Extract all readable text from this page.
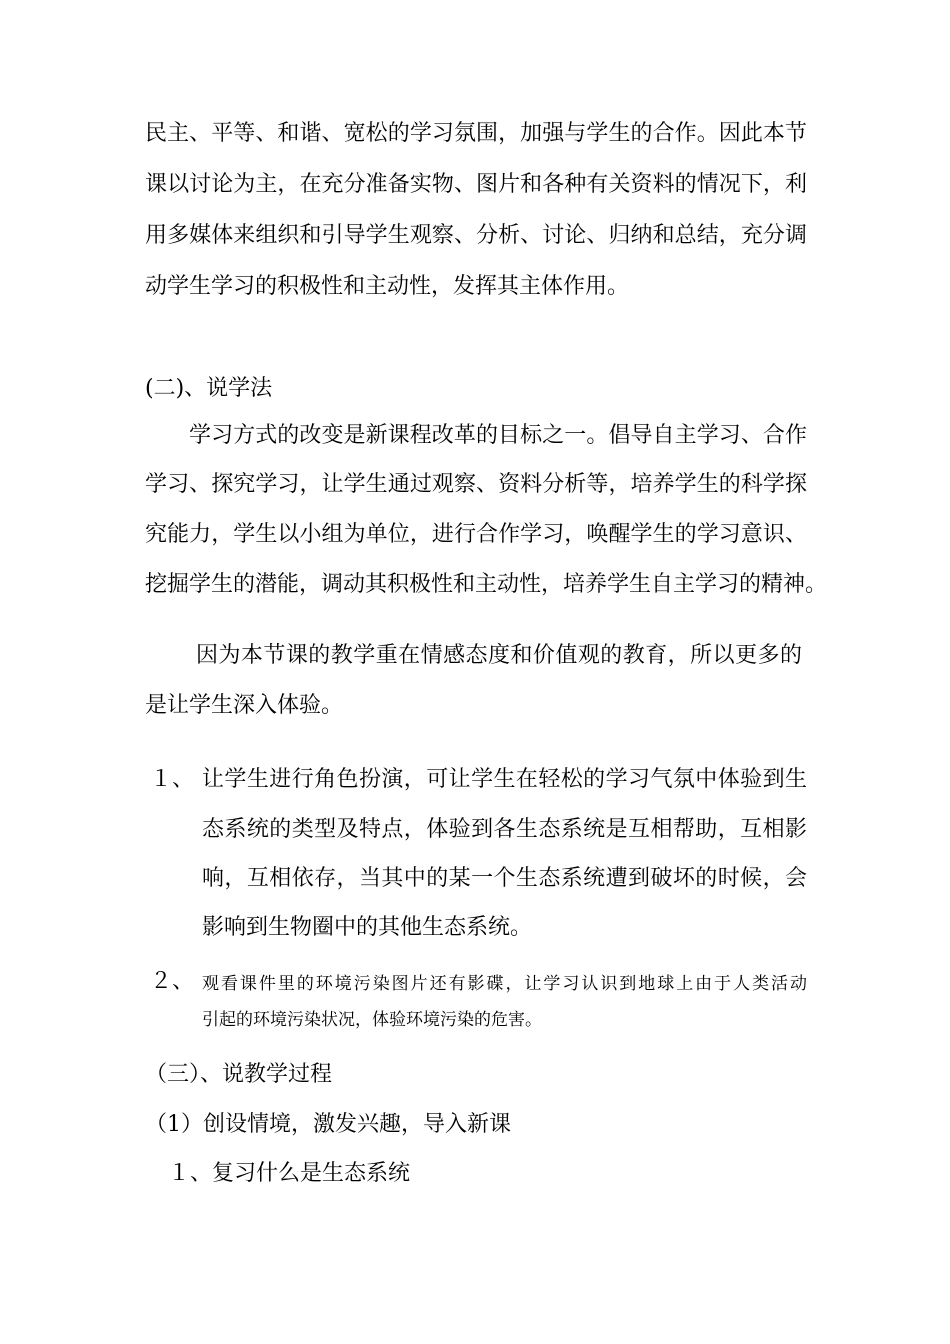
民主、平等、和谐、宽松的学习氛围，加强与学生的合作。因此本节
课以讨论为主，在充分准备实物、图片和各种有关资料的情况下，利
用多媒体来组织和引导学生观察、分析、讨论、归纳和总结，充分调
动学生学习的积极性和主动性，发挥其主体作用。
(二)、说学法
学习方式的改变是新课程改革的目标之一。倡导自主学习、合作
学习、探究学习，让学生通过观察、资料分析等，培养学生的科学探
究能力，学生以小组为单位，进行合作学习，唤醒学生的学习意识、
挖掘学生的潜能，调动其积极性和主动性，培养学生自主学习的精神。
因为本节课的教学重在情感态度和价值观的教育，所以更多的
是让学生深入体验。
１、 让学生进行角色扮演，可让学生在轻松的学习气氛中体验到生
态系统的类型及特点，体验到各生态系统是互相帮助，互相影
响，互相依存，当其中的某一个生态系统遭到破坏的时候，会
影响到生物圈中的其他生态系统。
２、 观看课件里的环境污染图片还有影碟，让学习认识到地球上由于人类活动
引起的环境污染状况，体验环境污染的危害。
（三）、说教学过程
（1）创设情境，激发兴趣，导入新课
１、复习什么是生态系统
